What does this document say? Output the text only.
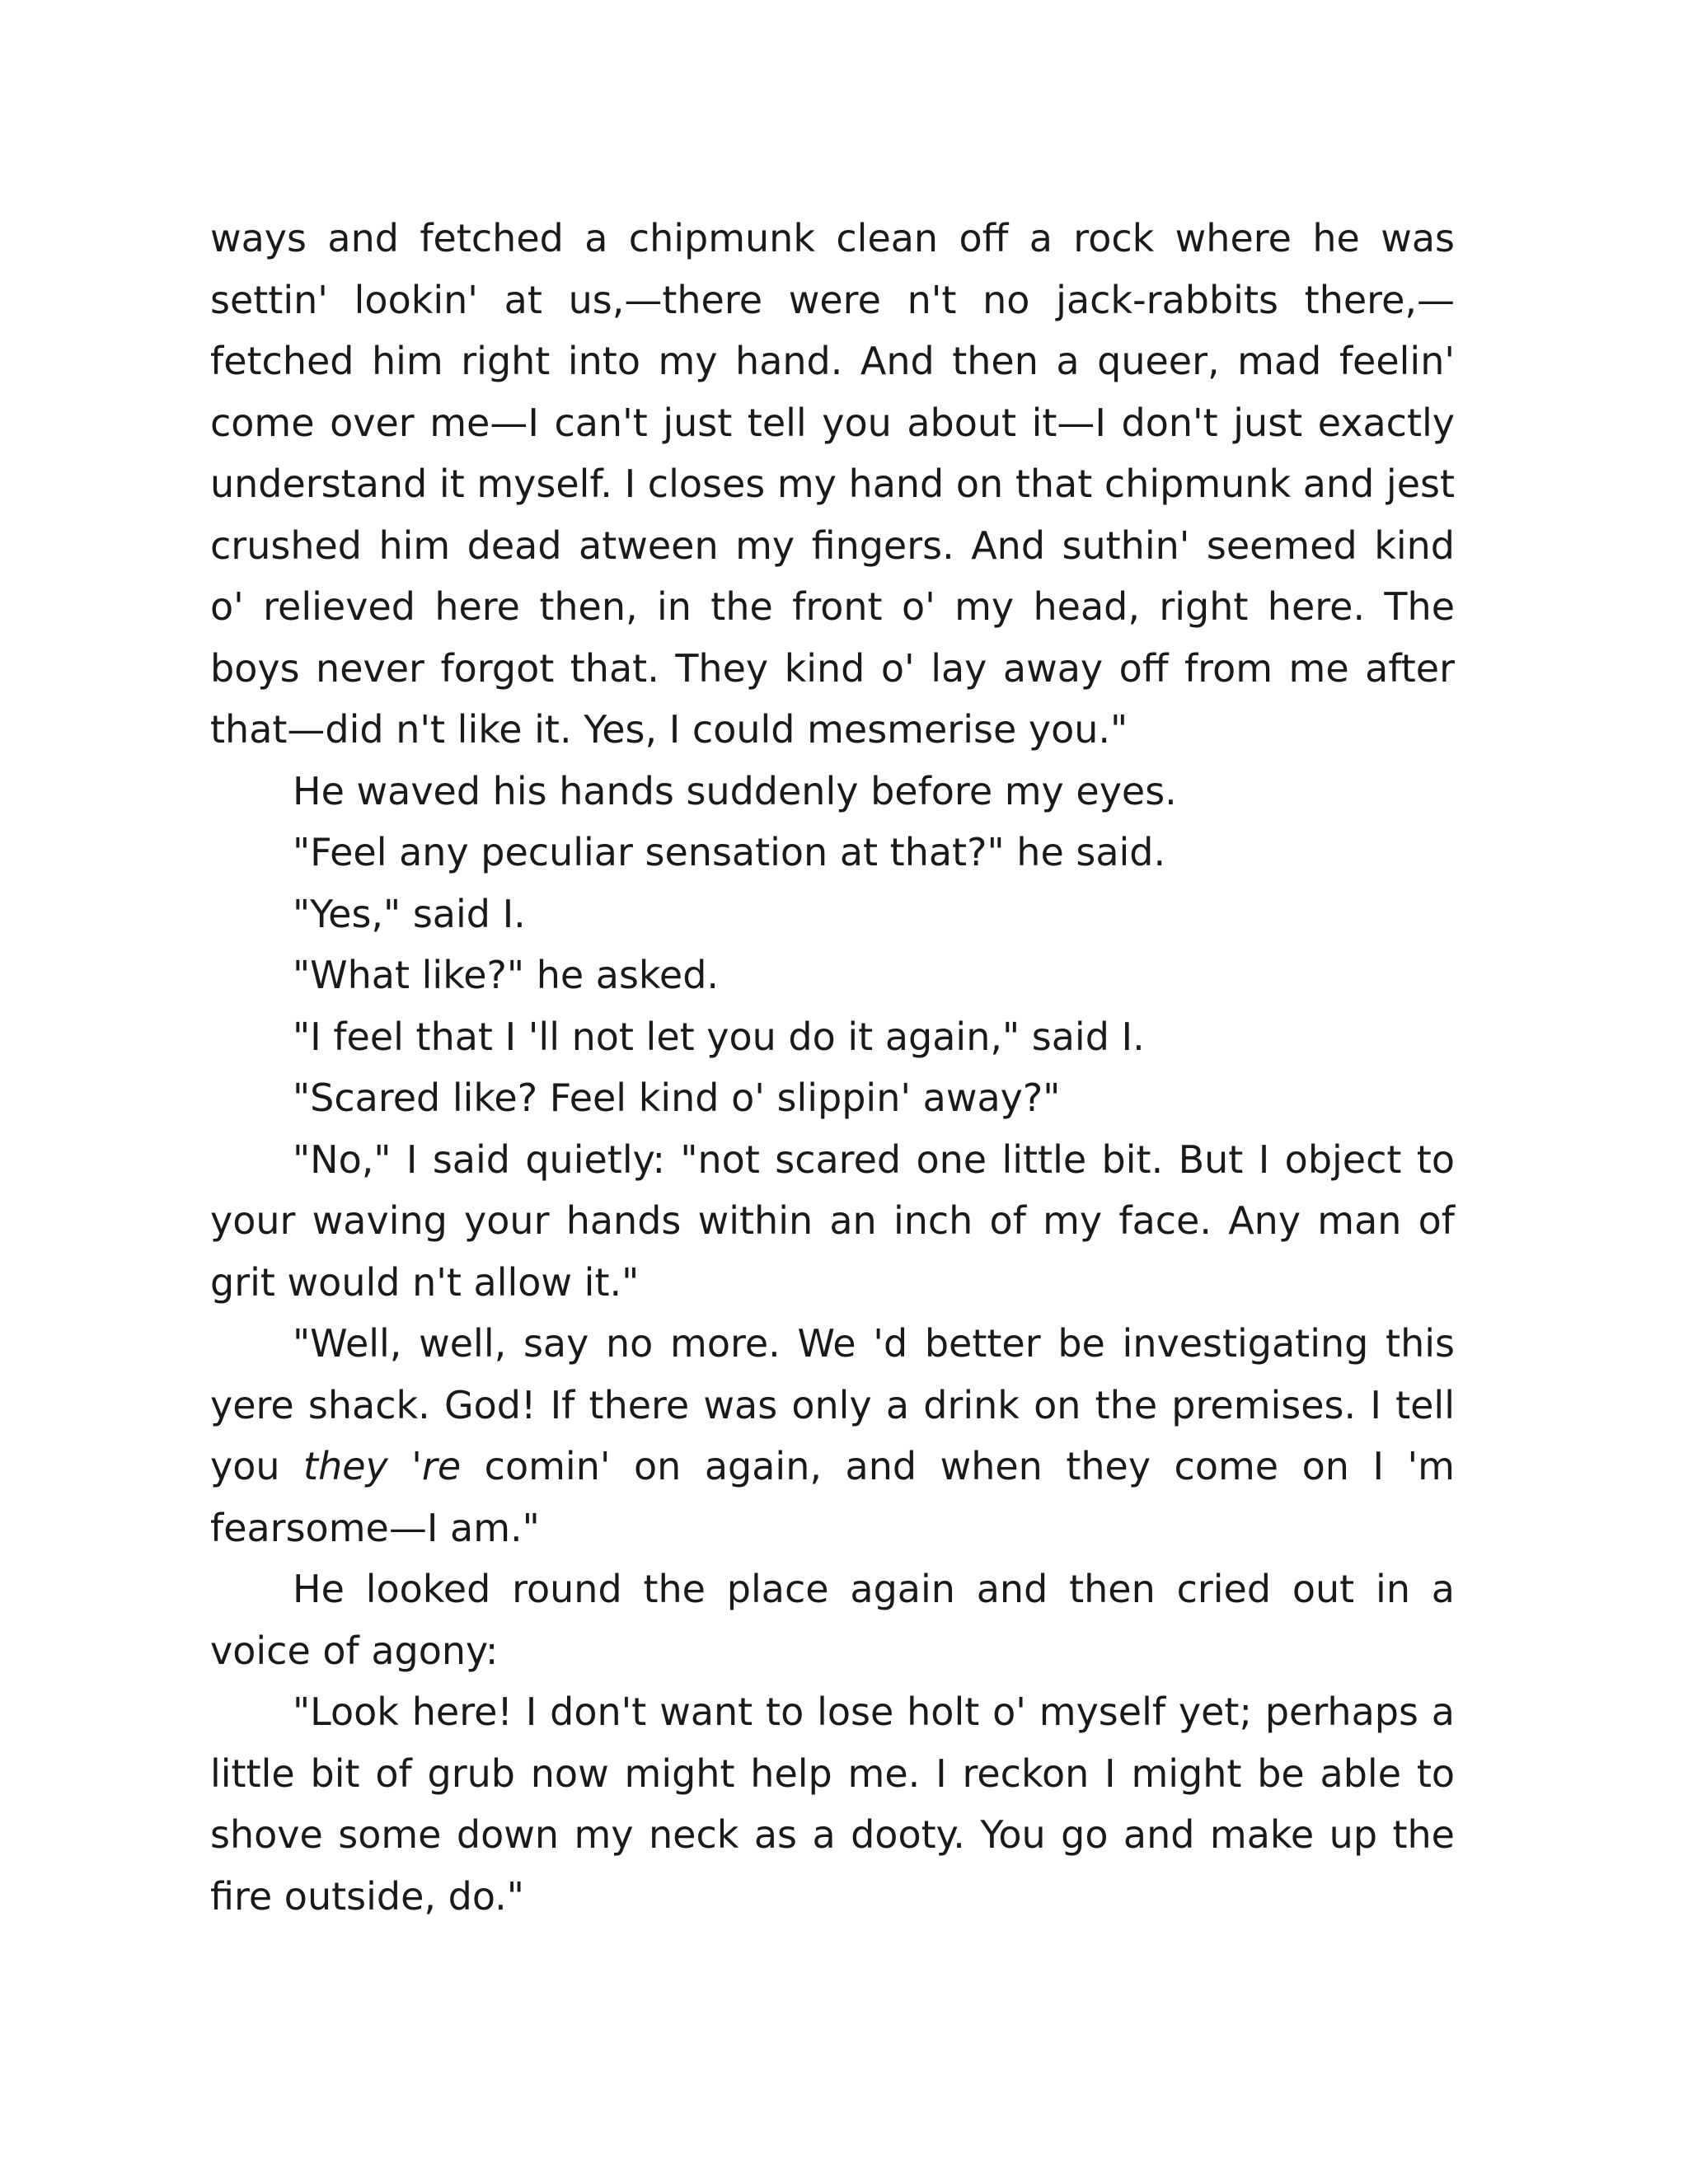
ways and fetched a chipmunk clean off a rock where he was settin' lookin' at us,—there were n't no jack-rabbits there,—fetched him right into my hand. And then a queer, mad feelin' come over me—I can't just tell you about it—I don't just exactly understand it myself. I closes my hand on that chipmunk and jest crushed him dead atween my fingers. And suthin' seemed kind o' relieved here then, in the front o' my head, right here. The boys never forgot that. They kind o' lay away off from me after that—did n't like it. Yes, I could mesmerise you."

He waved his hands suddenly before my eyes.

"Feel any peculiar sensation at that?" he said.

"Yes," said I.

"What like?" he asked.

"I feel that I 'll not let you do it again," said I.

"Scared like? Feel kind o' slippin' away?"

"No," I said quietly: "not scared one little bit. But I object to your waving your hands within an inch of my face. Any man of grit would n't allow it."

"Well, well, say no more. We 'd better be investigating this yere shack. God! If there was only a drink on the premises. I tell you they 're comin' on again, and when they come on I 'm fearsome—I am."

He looked round the place again and then cried out in a voice of agony:

"Look here! I don't want to lose holt o' myself yet; perhaps a little bit of grub now might help me. I reckon I might be able to shove some down my neck as a dooty. You go and make up the fire outside, do."
